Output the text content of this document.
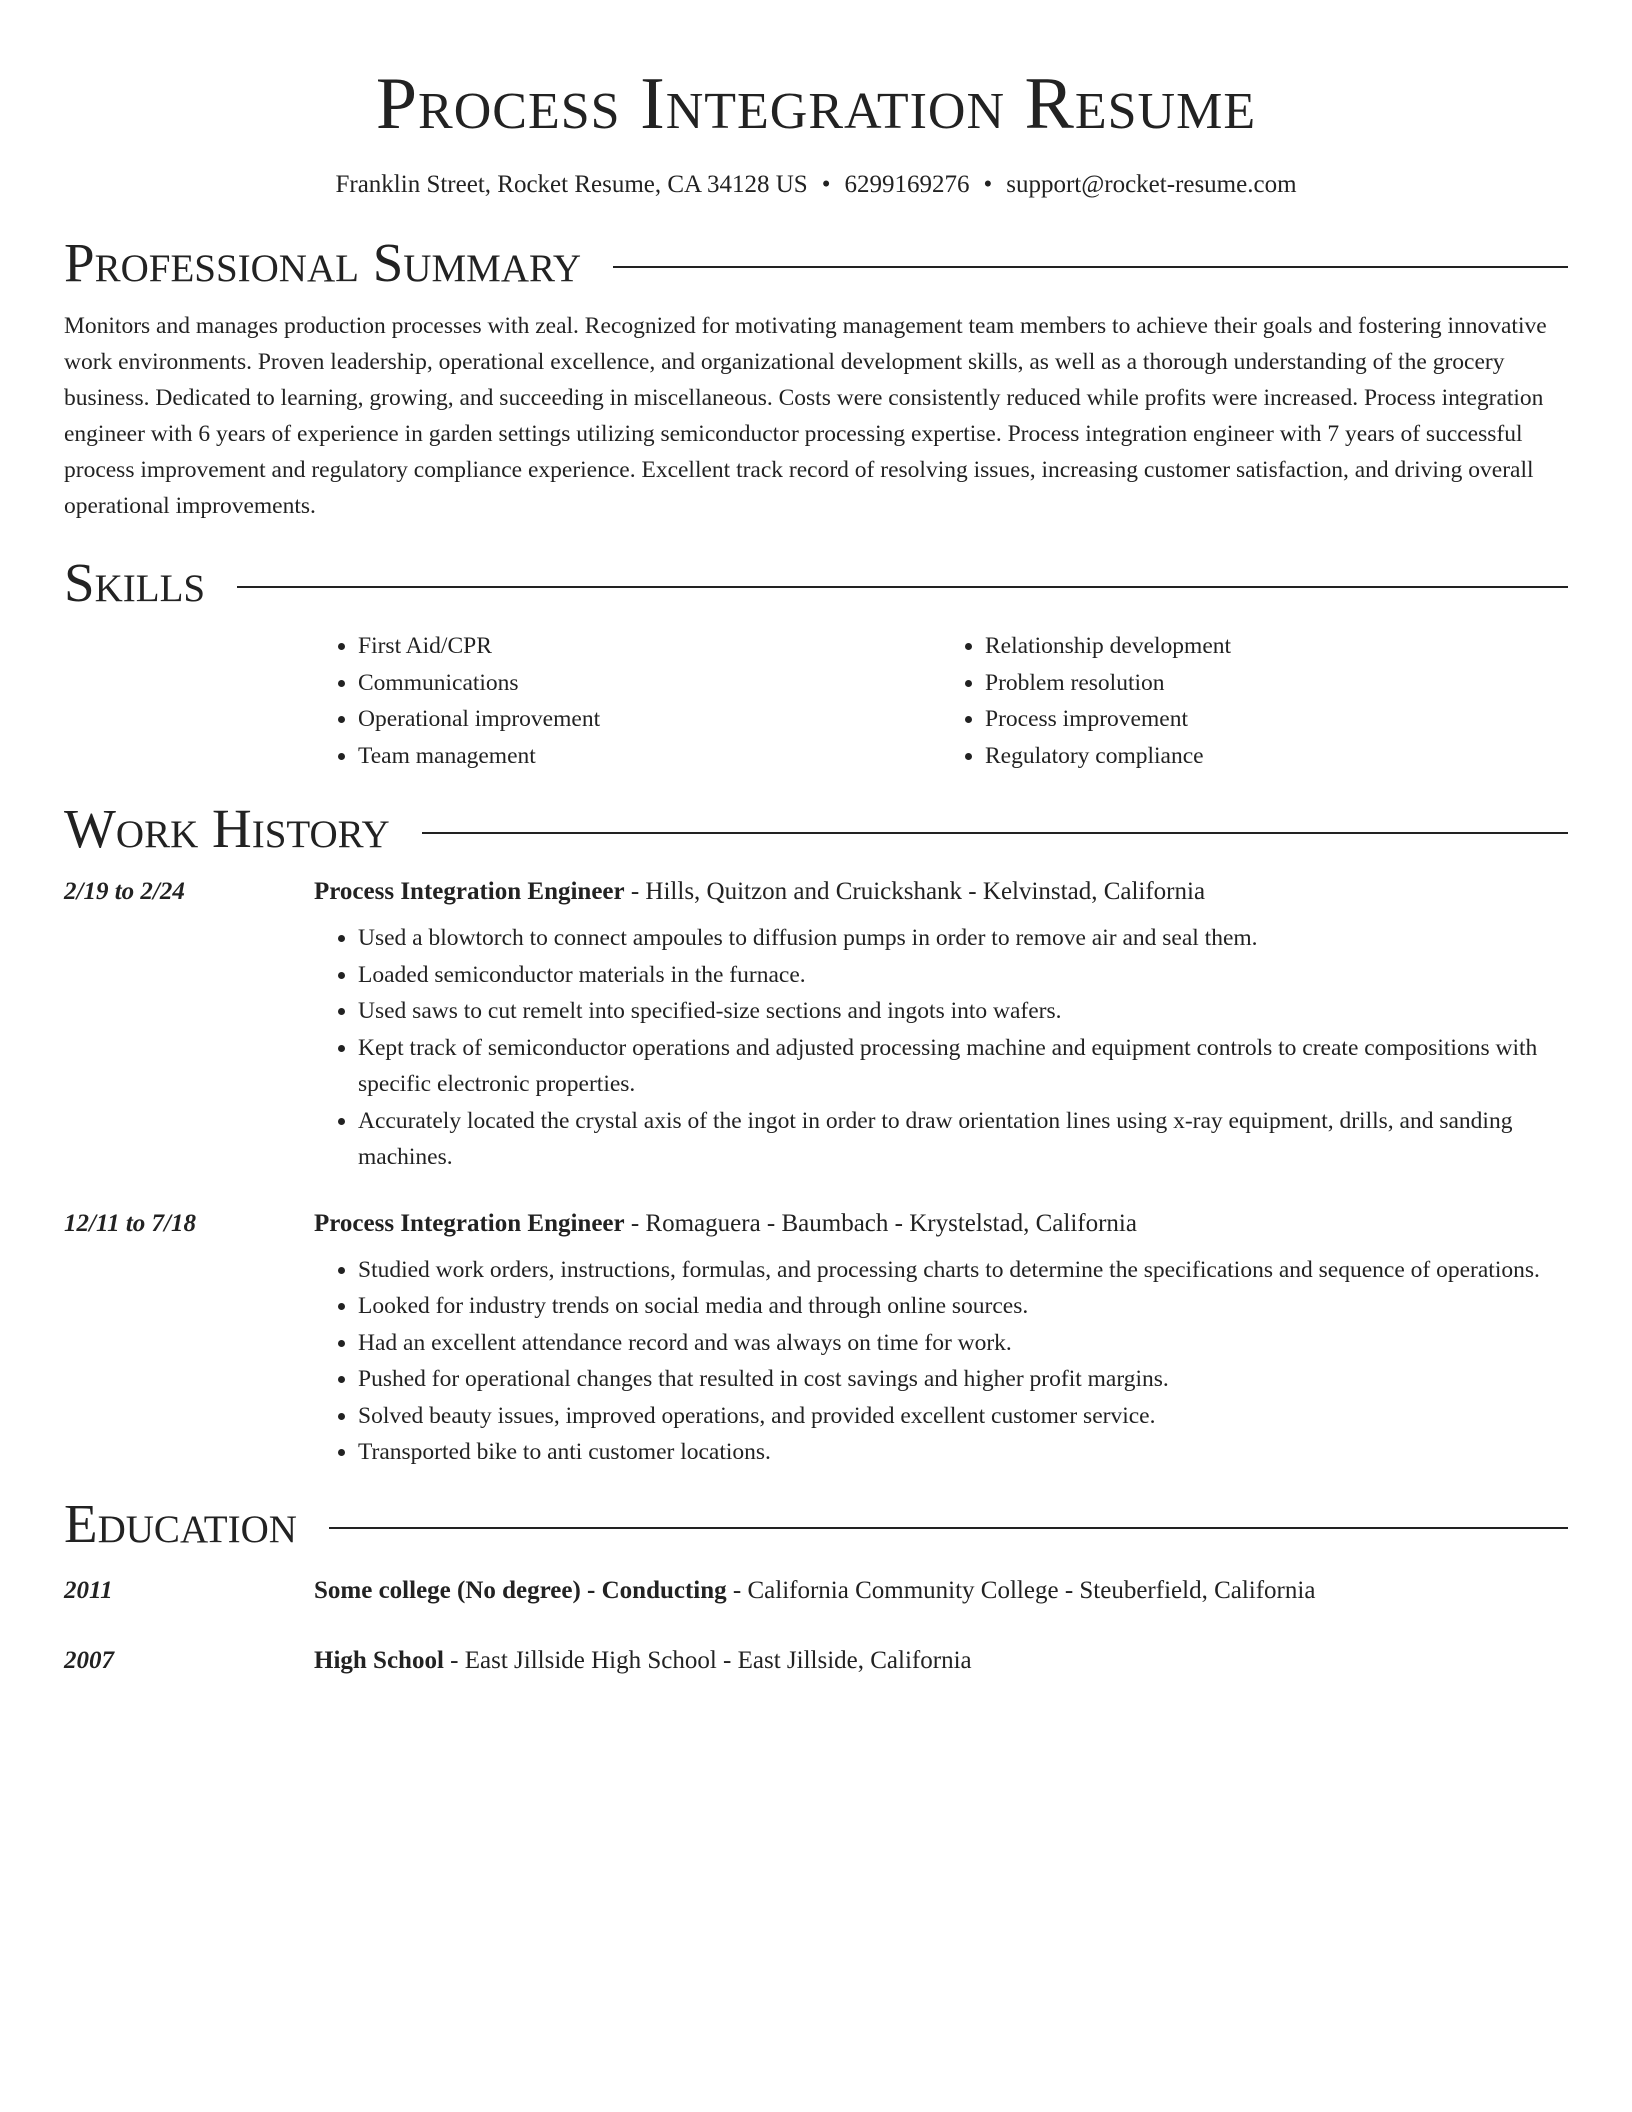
Process Integration Resume
Franklin Street, Rocket Resume, CA 34128 US • 6299169276 • support@rocket-resume.com
Professional Summary

Monitors and manages production processes with zeal. Recognized for motivating management team members to achieve their goals and fostering innovative work environments. Proven leadership, operational excellence, and organizational development skills, as well as a thorough understanding of the grocery business. Dedicated to learning, growing, and succeeding in miscellaneous. Costs were consistently reduced while profits were increased. Process integration engineer with 6 years of experience in garden settings utilizing semiconductor processing expertise. Process integration engineer with 7 years of successful process improvement and regulatory compliance experience. Excellent track record of resolving issues, increasing customer satisfaction, and driving overall operational improvements.

Skills
• First Aid/CPR
• Communications
• Operational improvement
• Team management
• Relationship development
• Problem resolution
• Process improvement
• Regulatory compliance
Work History
2/19 to 2/24	Process Integration Engineer - Hills, Quitzon and Cruickshank - Kelvinstad, California
• Used a blowtorch to connect ampoules to diffusion pumps in order to remove air and seal them.
• Loaded semiconductor materials in the furnace.
• Used saws to cut remelt into specified-size sections and ingots into wafers.
• Kept track of semiconductor operations and adjusted processing machine and equipment controls to create compositions with specific electronic properties.
• Accurately located the crystal axis of the ingot in order to draw orientation lines using x-ray equipment, drills, and sanding machines.
12/11 to 7/18	Process Integration Engineer - Romaguera - Baumbach - Krystelstad, California
• Studied work orders, instructions, formulas, and processing charts to determine the specifications and sequence of operations.
• Looked for industry trends on social media and through online sources.
• Had an excellent attendance record and was always on time for work.
• Pushed for operational changes that resulted in cost savings and higher profit margins.
• Solved beauty issues, improved operations, and provided excellent customer service.
• Transported bike to anti customer locations.
Education
2011	Some college (No degree) - Conducting - California Community College - Steuberfield, California
2007	High School - East Jillside High School - East Jillside, California
